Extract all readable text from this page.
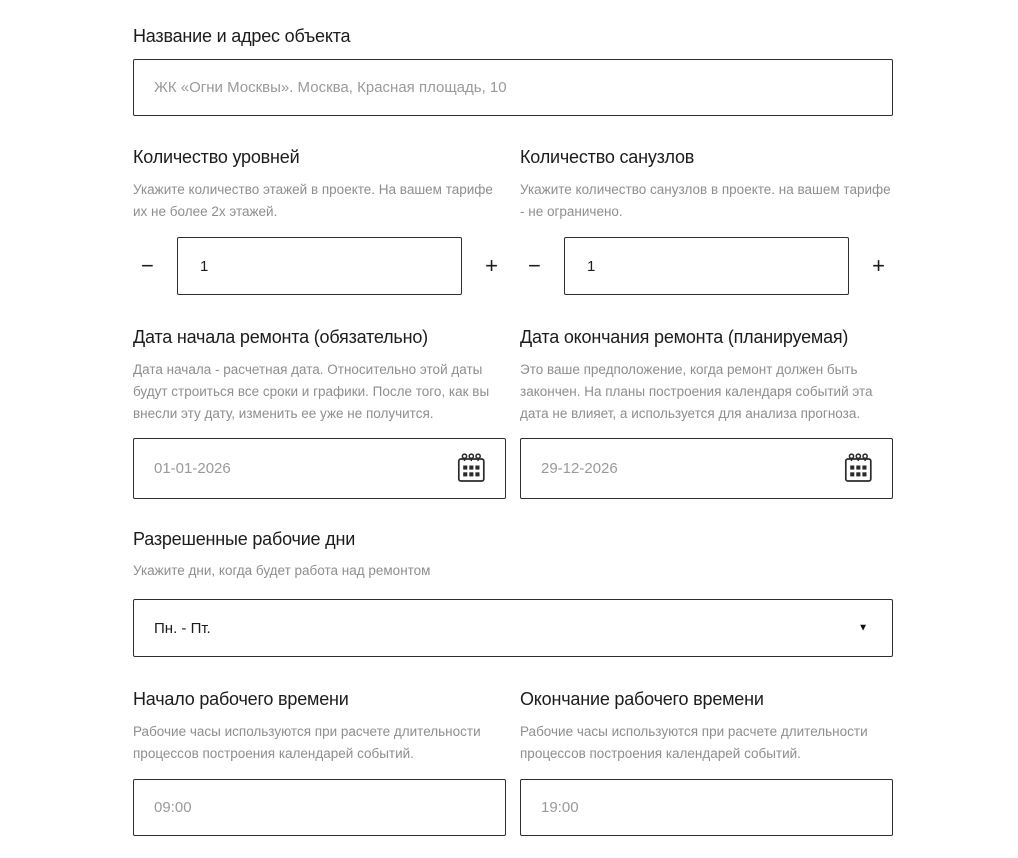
Название и адрес объекта
ЖК «Огни Москвы». Москва, Красная площадь, 10
Количество уровней
Укажите количество этажей в проекте. На вашем тарифе их не более 2х этажей.
−
1	+
Количество санузлов
Укажите количество санузлов в проекте. на вашем тарифе - не ограничено.
−
1	+
Дата начала ремонта (обязательно)
Дата начала - расчетная дата. Относительно этой даты будут строиться все сроки и графики. После того, как вы внесли эту дату, изменить ее уже не получится.
01-01-2026
Дата окончания ремонта (планируемая)
Это ваше предположение, когда ремонт должен быть закончен. На планы построения календаря событий эта дата не влияет, а используется для анализа прогноза.
29-12-2026
Разрешенные рабочие дни
Укажите дни, когда будет работа над ремонтом
Пн. - Пт.	▼
Начало рабочего времени
Рабочие часы используются при расчете длительности процессов построения календарей событий.
09:00
Окончание рабочего времени
Рабочие часы используются при расчете длительности процессов построения календарей событий.
19:00
